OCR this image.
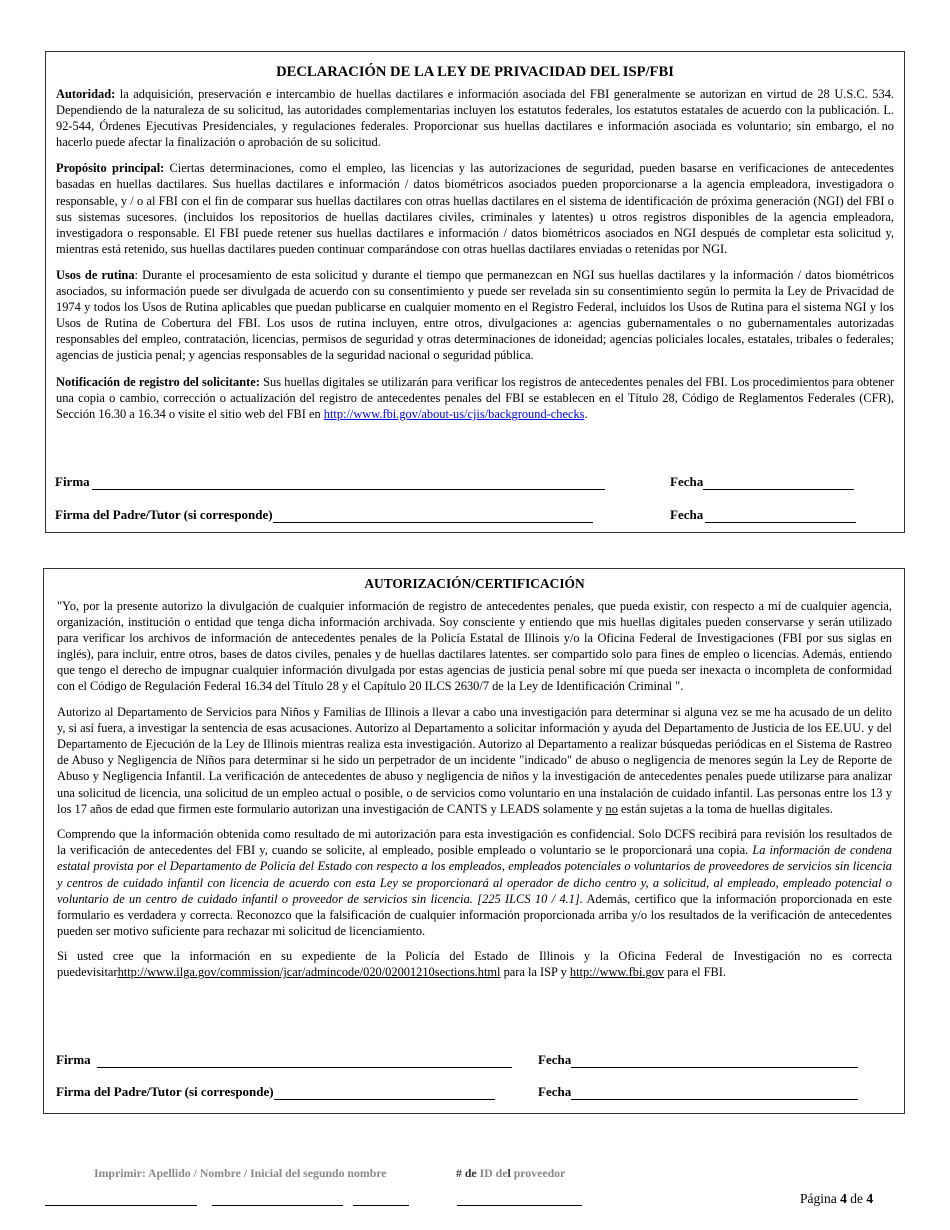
DECLARACIÓN DE LA LEY DE PRIVACIDAD DEL ISP/FBI

Autoridad: la adquisición, preservación e intercambio de huellas dactilares e información asociada del FBI generalmente se autorizan en virtud de 28 U.S.C. 534. Dependiendo de la naturaleza de su solicitud, las autoridades complementarias incluyen los estatutos federales, los estatutos estatales de acuerdo con la publicación. L. 92-544, Órdenes Ejecutivas Presidenciales, y regulaciones federales. Proporcionar sus huellas dactilares e información asociada es voluntario; sin embargo, el no hacerlo puede afectar la finalización o aprobación de su solicitud.

Propósito principal: Ciertas determinaciones, como el empleo, las licencias y las autorizaciones de seguridad, pueden basarse en verificaciones de antecedentes basadas en huellas dactilares. Sus huellas dactilares e información / datos biométricos asociados pueden proporcionarse a la agencia empleadora, investigadora o responsable, y / o al FBI con el fin de comparar sus huellas dactilares con otras huellas dactilares en el sistema de identificación de próxima generación (NGI) del FBI o sus sistemas sucesores. (incluidos los repositorios de huellas dactilares civiles, criminales y latentes) u otros registros disponibles de la agencia empleadora, investigadora o responsable. El FBI puede retener sus huellas dactilares e información / datos biométricos asociados en NGI después de completar esta solicitud y, mientras está retenido, sus huellas dactilares pueden continuar comparándose con otras huellas dactilares enviadas o retenidas por NGI.

Usos de rutina: Durante el procesamiento de esta solicitud y durante el tiempo que permanezcan en NGI sus huellas dactilares y la información / datos biométricos asociados, su información puede ser divulgada de acuerdo con su consentimiento y puede ser revelada sin su consentimiento según lo permita la Ley de Privacidad de 1974 y todos los Usos de Rutina aplicables que puedan publicarse en cualquier momento en el Registro Federal, incluidos los Usos de Rutina para el sistema NGI y los Usos de Rutina de Cobertura del FBI. Los usos de rutina incluyen, entre otros, divulgaciones a: agencias gubernamentales o no gubernamentales autorizadas responsables del empleo, contratación, licencias, permisos de seguridad y otras determinaciones de idoneidad; agencias policiales locales, estatales, tribales o federales; agencias de justicia penal; y agencias responsables de la seguridad nacional o seguridad pública.

Notificación de registro del solicitante: Sus huellas digitales se utilizarán para verificar los registros de antecedentes penales del FBI. Los procedimientos para obtener una copia o cambio, corrección o actualización del registro de antecedentes penales del FBI se establecen en el Título 28, Código de Reglamentos Federales (CFR), Sección 16.30 a 16.34 o visite el sitio web del FBI en http://www.fbi.gov/about-us/cjis/background-checks.

Firma	Fecha
Firma del Padre/Tutor (si corresponde)	Fecha
AUTORIZACIÓN/CERTIFICACIÓN

"Yo, por la presente autorizo la divulgación de cualquier información de registro de antecedentes penales, que pueda existir, con respecto a mí de cualquier agencia, organización, institución o entidad que tenga dicha información archivada. Soy consciente y entiendo que mis huellas digitales pueden conservarse y serán utilizado para verificar los archivos de información de antecedentes penales de la Policía Estatal de Illinois y/o la Oficina Federal de Investigaciones (FBI por sus siglas en inglés), para incluir, entre otros, bases de datos civiles, penales y de huellas dactilares latentes. ser compartido solo para fines de empleo o licencias. Además, entiendo que tengo el derecho de impugnar cualquier información divulgada por estas agencias de justicia penal sobre mí que pueda ser inexacta o incompleta de conformidad con el Código de Regulación Federal 16.34 del Título 28 y el Capítulo 20 ILCS 2630/7 de la Ley de Identificación Criminal ".

Autorizo al Departamento de Servicios para Niños y Familias de Illinois a llevar a cabo una investigación para determinar si alguna vez se me ha acusado de un delito y, si así fuera, a investigar la sentencia de esas acusaciones. Autorizo al Departamento a solicitar información y ayuda del Departamento de Justicia de los EE.UU. y del Departamento de Ejecución de la Ley de Illinois mientras realiza esta investigación. Autorizo al Departamento a realizar búsquedas periódicas en el Sistema de Rastreo de Abuso y Negligencia de Niños para determinar si he sido un perpetrador de un incidente "indicado" de abuso o negligencia de menores según la Ley de Reporte de Abuso y Negligencia Infantil. La verificación de antecedentes de abuso y negligencia de niños y la investigación de antecedentes penales puede utilizarse para analizar una solicitud de licencia, una solicitud de un empleo actual o posible, o de servicios como voluntario en una instalación de cuidado infantil. Las personas entre los 13 y los 17 años de edad que firmen este formulario autorizan una investigación de CANTS y LEADS solamente y no están sujetas a la toma de huellas digitales.

Comprendo que la información obtenida como resultado de mi autorización para esta investigación es confidencial. Solo DCFS recibirá para revisión los resultados de la verificación de antecedentes del FBI y, cuando se solicite, al empleado, posible empleado o voluntario se le proporcionará una copia. La información de condena estatal provista por el Departamento de Policía del Estado con respecto a los empleados, empleados potenciales o voluntarios de proveedores de servicios sin licencia y centros de cuidado infantil con licencia de acuerdo con esta Ley se proporcionará al operador de dicho centro y, a solicitud, al empleado, empleado potencial o voluntario de un centro de cuidado infantil o proveedor de servicios sin licencia. [225 ILCS 10 / 4.1]. Además, certifico que la información proporcionada en este formulario es verdadera y correcta. Reconozco que la falsificación de cualquier información proporcionada arriba y/o los resultados de la verificación de antecedentes pueden ser motivo suficiente para rechazar mi solicitud de licenciamiento.

Si usted cree que la información en su expediente de la Policía del Estado de Illinois y la Oficina Federal de Investigación no es correcta puedevisitarhttp://www.ilga.gov/commission/jcar/admincode/020/02001210sections.html para la ISP y http://www.fbi.gov para el FBI.

Firma	Fecha
Firma del Padre/Tutor (si corresponde)	Fecha
Imprimir: Apellido / Nombre / Inicial del segundo nombre	# de ID del proveedor
Página 4 de 4
